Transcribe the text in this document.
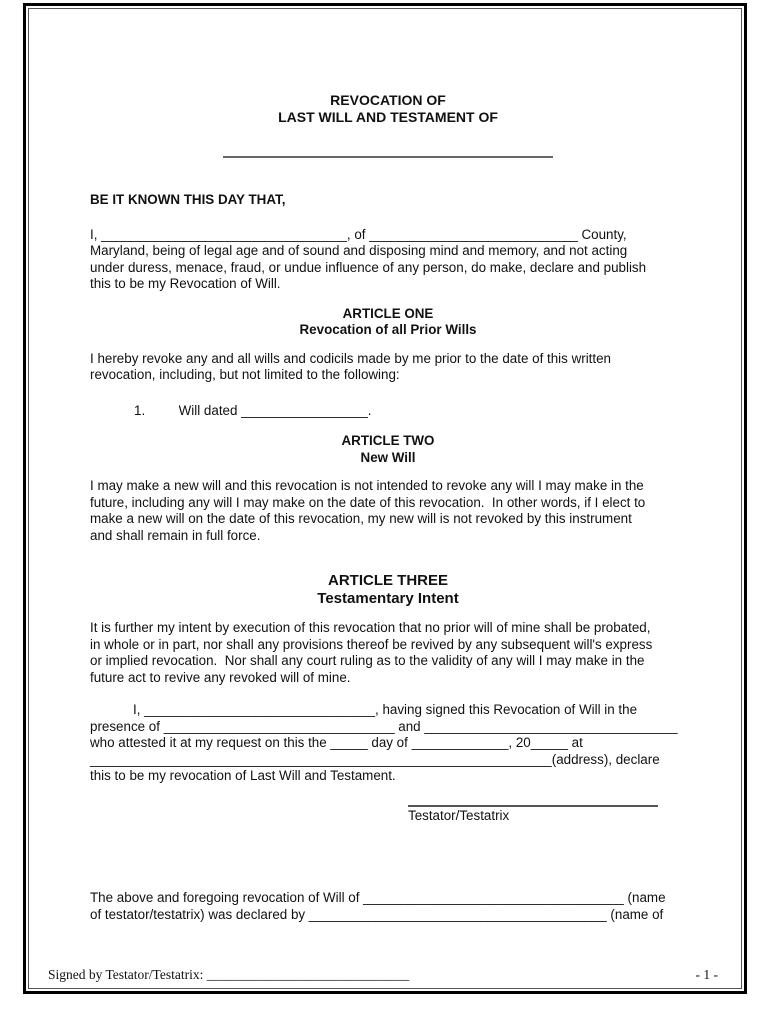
REVOCATION OF
LAST WILL AND TESTAMENT OF
BE IT KNOWN THIS DAY THAT,
I, _________________________________, of ____________________________ County,
Maryland, being of legal age and of sound and disposing mind and memory, and not acting
under duress, menace, fraud, or undue influence of any person, do make, declare and publish
this to be my Revocation of Will.
ARTICLE ONE
Revocation of all Prior Wills
I hereby revoke any and all wills and codicils made by me prior to the date of this written
revocation, including, but not limited to the following:
1.         Will dated _________________.
ARTICLE TWO
New Will
I may make a new will and this revocation is not intended to revoke any will I may make in the
future, including any will I may make on the date of this revocation.  In other words, if I elect to
make a new will on the date of this revocation, my new will is not revoked by this instrument
and shall remain in full force.
ARTICLE THREE
Testamentary Intent
It is further my intent by execution of this revocation that no prior will of mine shall be probated,
in whole or in part, nor shall any provisions thereof be revived by any subsequent will's express
or implied revocation.  Nor shall any court ruling as to the validity of any will I may make in the
future act to revive any revoked will of mine.
I, _______________________________, having signed this Revocation of Will in the
presence of _______________________________ and __________________________________
who attested it at my request on this the _____ day of _____________, 20_____ at
______________________________________________________________(address), declare
this to be my revocation of Last Will and Testament.
Testator/Testatrix
The above and foregoing revocation of Will of ___________________________________ (name
of testator/testatrix) was declared by ________________________________________ (name of
Signed by Testator/Testatrix: ______________________________	- 1 -
